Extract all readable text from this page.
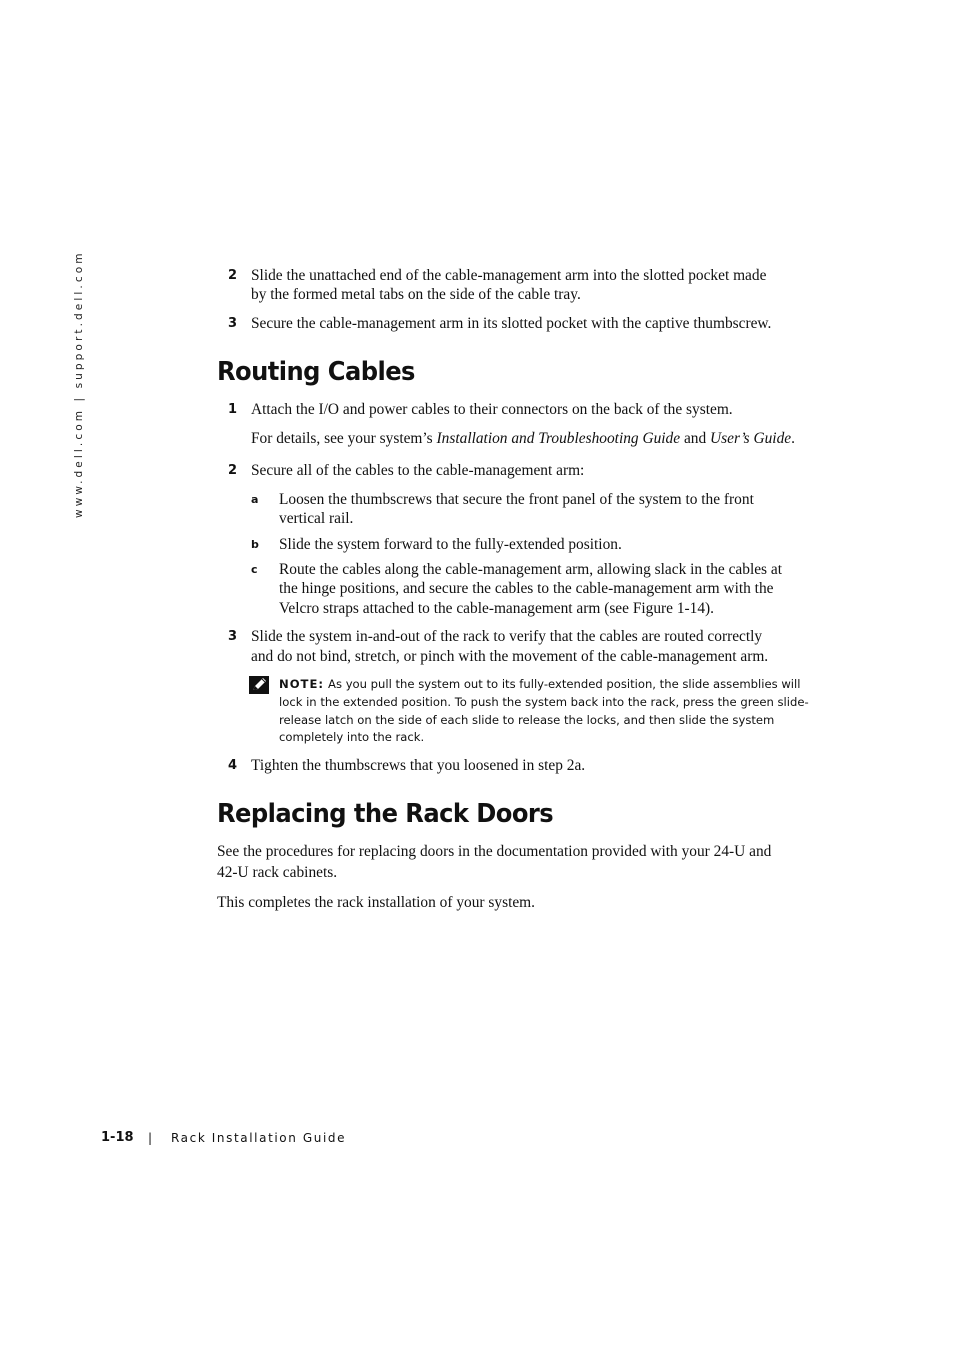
www.dell.com | support.dell.com	2 Slide the unattached end of the cable-management arm into the slotted pocket made
by the formed metal tabs on the side of the cable tray.
3 Secure the cable-management arm in its slotted pocket with the captive thumbscrew.
Routing Cables
1 Attach the I/O and power cables to their connectors on the back of the system.
For details, see your system’s Installation and Troubleshooting Guide and User’s Guide.
2 Secure all of the cables to the cable-management arm:
a Loosen the thumbscrews that secure the front panel of the system to the front
vertical rail.
b Slide the system forward to the fully-extended position.
c Route the cables along the cable-management arm, allowing slack in the cables at
the hinge positions, and secure the cables to the cable-management arm with the
Velcro straps attached to the cable-management arm (see Figure 1-14).
3 Slide the system in-and-out of the rack to verify that the cables are routed correctly
and do not bind, stretch, or pinch with the movement of the cable-management arm.
NOTE: As you pull the system out to its fully-extended position, the slide assemblies will
lock in the extended position. To push the system back into the rack, press the green slide-
release latch on the side of each slide to release the locks, and then slide the system
completely into the rack.
4 Tighten the thumbscrews that you loosened in step 2a.
Replacing the Rack Doors
See the procedures for replacing doors in the documentation provided with your 24-U and
42-U rack cabinets.
This completes the rack installation of your system.
1-18 | Rack Installation Guide
